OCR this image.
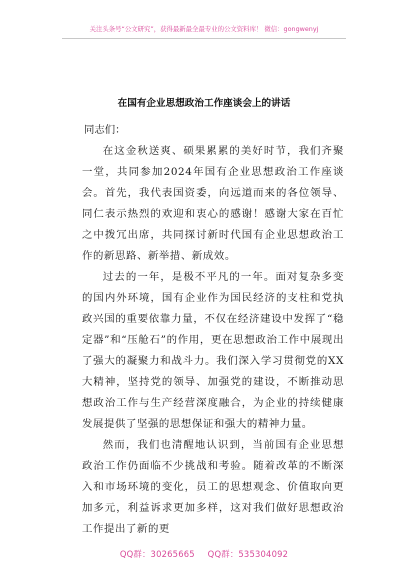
关注头条号“公文研究”，获得最新最全最专业的公文资料库！ 微信：gongwenyj
在国有企业思想政治工作座谈会上的讲话

同志们：

在这金秋送爽、硕果累累的美好时节，我们齐聚一堂，共同参加2024年国有企业思想政治工作座谈会。首先，我代表国资委，向远道而来的各位领导、同仁表示热烈的欢迎和衷心的感谢！感谢大家在百忙之中拨冗出席，共同探讨新时代国有企业思想政治工作的新思路、新举措、新成效。

过去的一年，是极不平凡的一年。面对复杂多变的国内外环境，国有企业作为国民经济的支柱和党执政兴国的重要依靠力量，不仅在经济建设中发挥了“稳定器”和“压舱石”的作用，更在思想政治工作中展现出了强大的凝聚力和战斗力。我们深入学习贯彻党的XX大精神，坚持党的领导、加强党的建设，不断推动思想政治工作与生产经营深度融合，为企业的持续健康发展提供了坚强的思想保证和强大的精神力量。

然而，我们也清醒地认识到，当前国有企业思想政治工作仍面临不少挑战和考验。随着改革的不断深入和市场环境的变化，员工的思想观念、价值取向更加多元，利益诉求更加多样，这对我们做好思想政治工作提出了新的更

QQ群：30265665 QQ群：535304092
